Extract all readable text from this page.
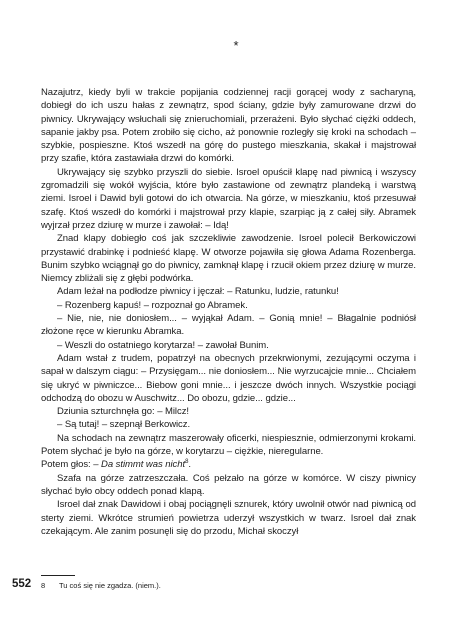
*

Nazajutrz, kiedy byli w trakcie popijania codziennej racji gorącej wody z sacharyną, dobiegł do ich uszu hałas z zewnątrz, spod ściany, gdzie były zamurowane drzwi do piwnicy. Ukrywający wsłuchali się znieruchomiali, przerażeni. Było słychać ciężki oddech, sapanie jakby psa. Potem zrobiło się cicho, aż ponownie rozległy się kroki na schodach – szybkie, pospieszne. Ktoś wszedł na górę do pustego mieszkania, skakał i majstrował przy szafie, która zastawiała drzwi do komórki.

Ukrywający się szybko przyszli do siebie. Isroel opuścił klapę nad piwnicą i wszyscy zgromadzili się wokół wyjścia, które było zastawione od zewnątrz plandeką i warstwą ziemi. Isroel i Dawid byli gotowi do ich otwarcia. Na górze, w mieszkaniu, ktoś przesuwał szafę. Ktoś wszedł do komórki i majstrował przy klapie, szarpiąc ją z całej siły. Abramek wyjrzał przez dziurę w murze i zawołał: – Idą!

Znad klapy dobiegło coś jak szczekliwie zawodzenie. Isroel polecił Berkowiczowi przystawić drabinkę i podnieść klapę. W otworze pojawiła się głowa Adama Rozenberga. Bunim szybko wciągnął go do piwnicy, zamknął klapę i rzucił okiem przez dziurę w murze. Niemcy zbliżali się z głębi podwórka.

Adam leżał na podłodze piwnicy i jęczał: – Ratunku, ludzie, ratunku!

– Rozenberg kapuś! – rozpoznał go Abramek.

– Nie, nie, nie doniosłem... – wyjąkał Adam. – Gonią mnie! – Błagalnie podniósł złożone ręce w kierunku Abramka.

– Weszli do ostatniego korytarza! – zawołał Bunim.

Adam wstał z trudem, popatrzył na obecnych przekrwionymi, zezującymi oczyma i sapał w dalszym ciągu: – Przysięgam... nie doniosłem... Nie wyrzucajcie mnie... Chciałem się ukryć w piwniczce... Biebow goni mnie... i jeszcze dwóch innych. Wszystkie pociągi odchodzą do obozu w Auschwitz... Do obozu, gdzie... gdzie...

Dziunia szturchnęła go: – Milcz!

– Są tutaj! – szepnął Berkowicz.

Na schodach na zewnątrz maszerowały oficerki, niespiesznie, odmierzonymi krokami. Potem słychać je było na górze, w korytarzu – ciężkie, nieregularne.

Potem głos: – Da stimmt was nicht$^8$.

Szafa na górze zatrzeszczała. Coś pełzało na górze w komórce. W ciszy piwnicy słychać było obcy oddech ponad klapą.

Isroel dał znak Dawidowi i obaj pociągnęli sznurek, który uwolnił otwór nad piwnicą od sterty ziemi. Wkrótce strumień powietrza uderzył wszystkich w twarz. Isroel dał znak czekającym. Ale zanim posunęli się do przodu, Michał skoczył

552 8 Tu coś się nie zgadza. (niem.).
